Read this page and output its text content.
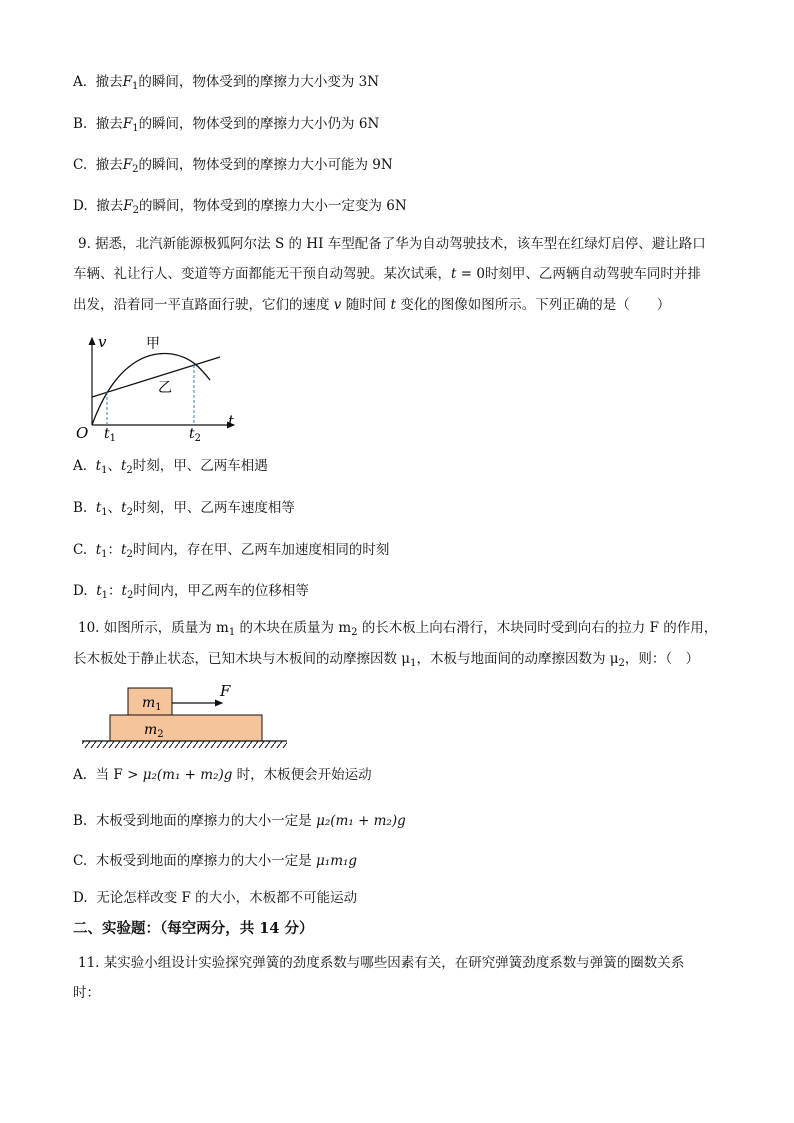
A. 撤去$F_1$的瞬间，物体受到的摩擦力大小变为 3N
B. 撤去$F_1$的瞬间，物体受到的摩擦力大小仍为 6N
C. 撤去$F_2$的瞬间，物体受到的摩擦力大小可能为 9N
D. 撤去$F_2$的瞬间，物体受到的摩擦力大小一定变为 6N
9. 据悉，北汽新能源极狐阿尔法 S 的 HI 车型配备了华为自动驾驶技术，该车型在红绿灯启停、避让路口
车辆、礼让行人、变道等方面都能无干预自动驾驶。某次试乘，t = 0时刻甲、乙两辆自动驾驶车同时并排
出发，沿着同一平直路面行驶，它们的速度 v 随时间 t 变化的图像如图所示。下列正确的是（　　）
v
t
O
甲
乙
$t_1$	$t_2$
A. $t_1$、$t_2$时刻，甲、乙两车相遇
B. $t_1$、$t_2$时刻，甲、乙两车速度相等
C. $t_1$：$t_2$时间内，存在甲、乙两车加速度相同的时刻
D. $t_1$：$t_2$时间内，甲乙两车的位移相等
10. 如图所示，质量为 $m_1$ 的木块在质量为 $m_2$ 的长木板上向右滑行，木块同时受到向右的拉力 F 的作用，
长木板处于静止状态，已知木块与木板间的动摩擦因数 $\mu_1$，木板与地面间的动摩擦因数为 $\mu_2$，则：（　）
F
$m_1$
$m_2$
A. 当 F > μ₂(m₁ + m₂)g 时，木板便会开始运动
B. 木板受到地面的摩擦力的大小一定是 μ₂(m₁ + m₂)g
C. 木板受到地面的摩擦力的大小一定是 μ₁m₁g
D. 无论怎样改变 F 的大小，木板都不可能运动
二、实验题：（每空两分，共 14 分）
11. 某实验小组设计实验探究弹簧的劲度系数与哪些因素有关，在研究弹簧劲度系数与弹簧的圈数关系
时：
